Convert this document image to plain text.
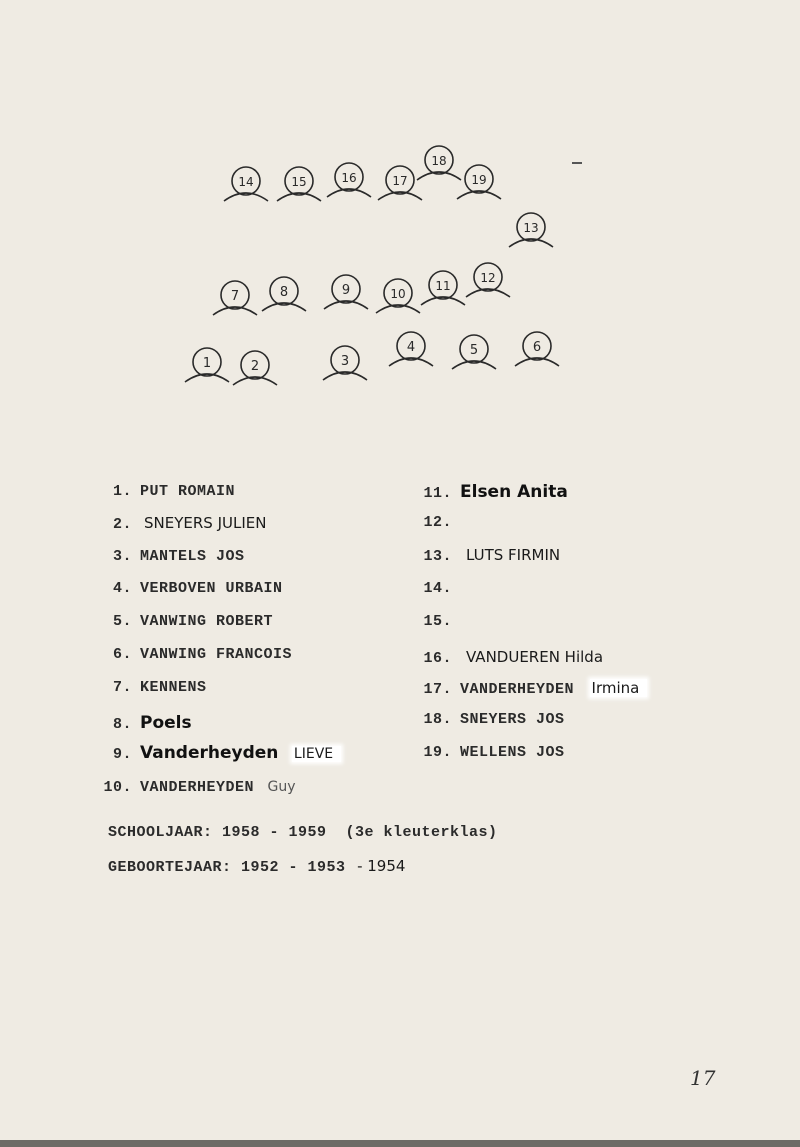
1	2	3
4	5	6
7	8	9	10
11
12
13
14	15	16	17
18
19
1. PUT ROMAIN
2. SNEYERS JULIEN
3. MANTELS JOS
4. VERBOVEN URBAIN
5. VANWING ROBERT
6. VANWING FRANCOIS
7. KENNENS
8. Poels
9. Vanderheyden LIEVE
10. VANDERHEYDEN Guy
11. Elsen Anita
12.
13. LUTS FIRMIN
14.
15.
16. VANDUEREN Hilda
17. VANDERHEYDEN Irmina
18. SNEYERS JOS
19. WELLENS JOS
SCHOOLJAAR: 1958 - 1959  (3e kleuterklas)
GEBOORTEJAAR: 1952 - 1953 - 1954
17
